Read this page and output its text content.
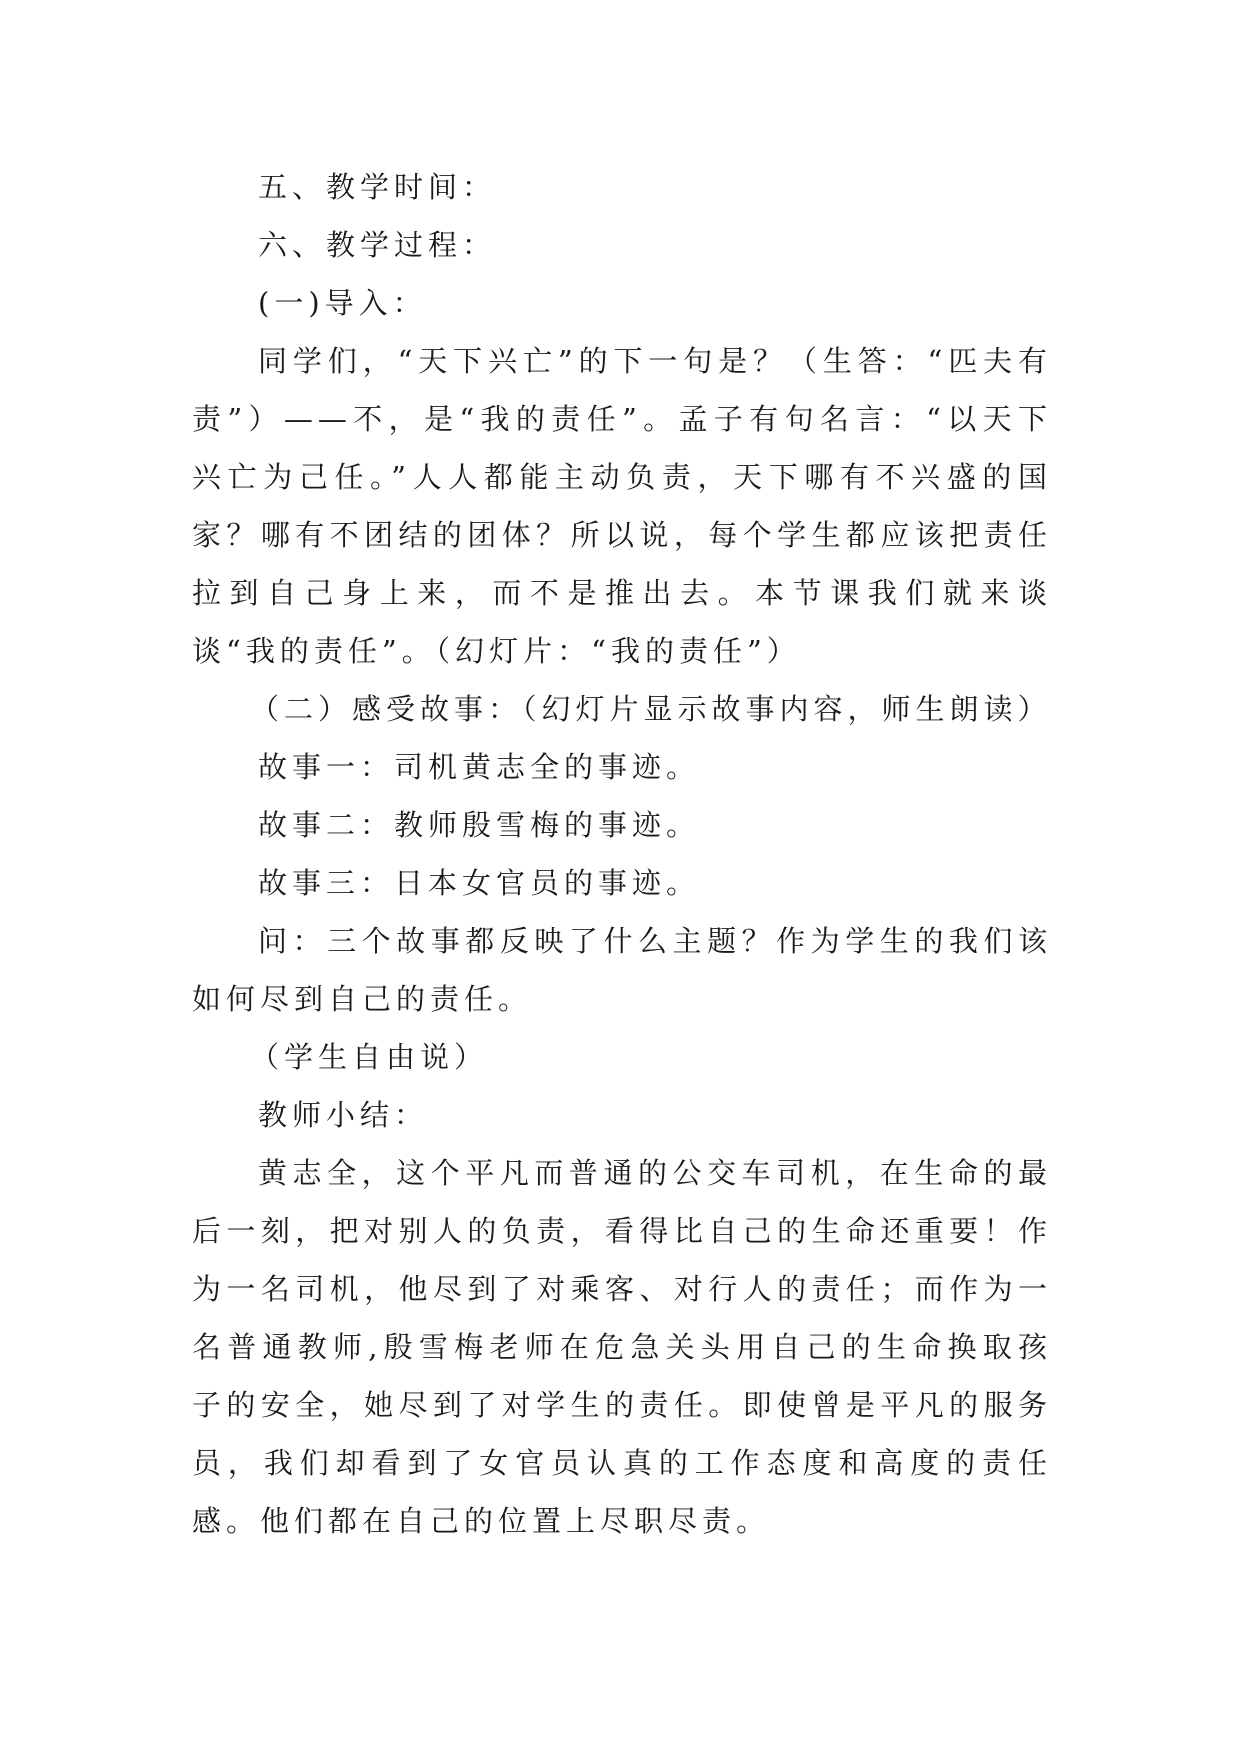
五、教学时间：

六、教学过程：

(一)导入：

同学们，“天下兴亡”的下一句是？（生答：“匹夫有责”）——不，是“我的责任”。孟子有句名言：“以天下兴亡为己任。”人人都能主动负责，天下哪有不兴盛的国家？哪有不团结的团体？所以说，每个学生都应该把责任拉到自己身上来，而不是推出去。本节课我们就来谈谈“我的责任”。（幻灯片：“我的责任”）

（二）感受故事：（幻灯片显示故事内容，师生朗读）

故事一：司机黄志全的事迹。

故事二：教师殷雪梅的事迹。

故事三：日本女官员的事迹。

问：三个故事都反映了什么主题？作为学生的我们该如何尽到自己的责任。

（学生自由说）

教师小结：

黄志全，这个平凡而普通的公交车司机，在生命的最后一刻，把对别人的负责，看得比自己的生命还重要！作为一名司机，他尽到了对乘客、对行人的责任；而作为一名普通教师,殷雪梅老师在危急关头用自己的生命换取孩子的安全，她尽到了对学生的责任。即使曾是平凡的服务员，我们却看到了女官员认真的工作态度和高度的责任感。他们都在自己的位置上尽职尽责。
